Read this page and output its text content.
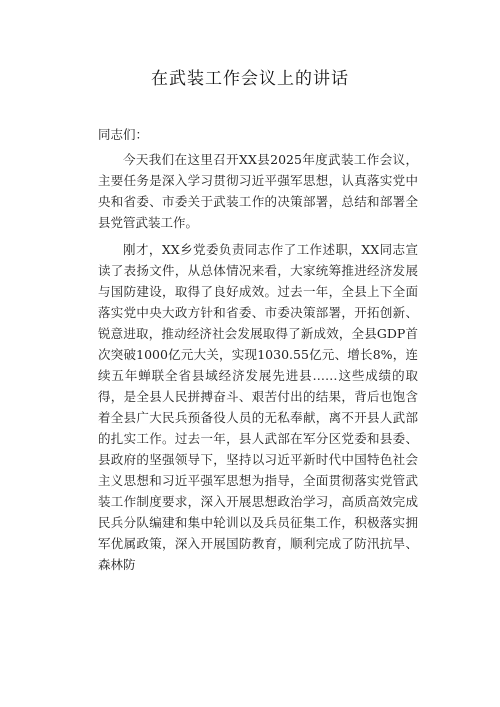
在武装工作会议上的讲话

同志们：

今天我们在这里召开XX县2025年度武装工作会议，主要任务是深入学习贯彻习近平强军思想，认真落实党中央和省委、市委关于武装工作的决策部署，总结和部署全县党管武装工作。

刚才，XX乡党委负责同志作了工作述职，XX同志宣读了表扬文件，从总体情况来看，大家统筹推进经济发展与国防建设，取得了良好成效。过去一年，全县上下全面落实党中央大政方针和省委、市委决策部署，开拓创新、锐意进取，推动经济社会发展取得了新成效，全县GDP首次突破1000亿元大关，实现1030.55亿元、增长8%，连续五年蝉联全省县域经济发展先进县……这些成绩的取得，是全县人民拼搏奋斗、艰苦付出的结果，背后也饱含着全县广大民兵预备役人员的无私奉献，离不开县人武部的扎实工作。过去一年，县人武部在军分区党委和县委、县政府的坚强领导下，坚持以习近平新时代中国特色社会主义思想和习近平强军思想为指导，全面贯彻落实党管武装工作制度要求，深入开展思想政治学习，高质高效完成民兵分队编建和集中轮训以及兵员征集工作，积极落实拥军优属政策，深入开展国防教育，顺利完成了防汛抗旱、森林防
